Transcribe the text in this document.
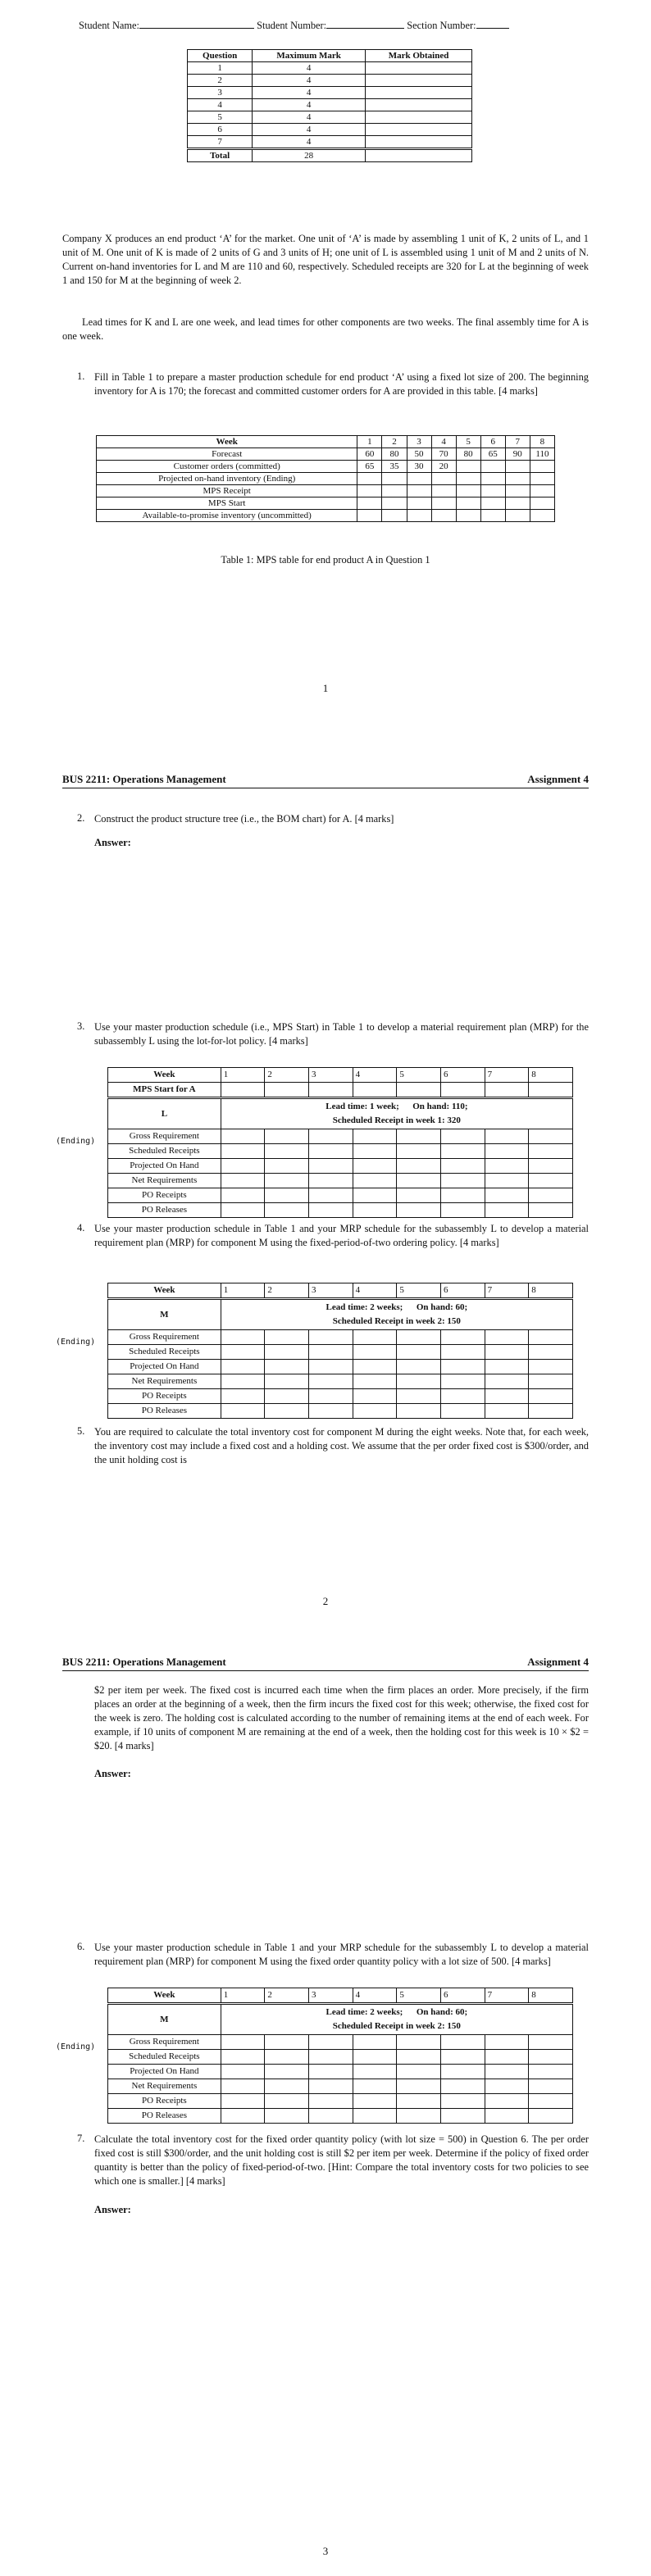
Student Name:	Student Number:	Section Number:
Question	Maximum Mark	Mark Obtained
1	4	
2	4	
3	4	
4	4	
5	4	
6	4	
7	4	
Total	28	
Company X produces an end product ‘A’ for the market. One unit of ‘A’ is made by assembling 1 unit of K, 2 units of L, and 1 unit of M. One unit of K is made of 2 units of G and 3 units of H; one unit of L is assembled using 1 unit of M and 2 units of N. Current on-hand inventories for L and M are 110 and 60, respectively. Scheduled receipts are 320 for L at the beginning of week 1 and 150 for M at the beginning of week 2.
Lead times for K and L are one week, and lead times for other components are two weeks. The final assembly time for A is one week.
1. Fill in Table 1 to prepare a master production schedule for end product ‘A’ using a fixed lot size of 200. The beginning inventory for A is 170; the forecast and committed customer orders for A are provided in this table. [4 marks]
Week	1	2	3	4	5	6	7	8
Forecast	60	80	50	70	80	65	90	110
Customer orders (committed)	65	35	30	20				
Projected on-hand inventory (Ending)								
MPS Receipt								
MPS Start								
Available-to-promise inventory (uncommitted)								
Table 1: MPS table for end product A in Question 1
1
BUS 2211: Operations Management	Assignment 4
2. Construct the product structure tree (i.e., the BOM chart) for A. [4 marks]
Answer:
3. Use your master production schedule (i.e., MPS Start) in Table 1 to develop a material requirement plan (MRP) for the subassembly L using the lot-for-lot policy. [4 marks]
Week	1	2	3	4	5	6	7	8
MPS Start for A								
L	Lead time: 1 week;      On hand: 110;
Scheduled Receipt in week 1: 320							

Gross Requirement								
Scheduled Receipts								
Projected On Hand								
Net Requirements								
PO Receipts								
PO Releases								
(Ending)
4. Use your master production schedule in Table 1 and your MRP schedule for the subassembly L to develop a material requirement plan (MRP) for component M using the fixed-period-of-two ordering policy. [4 marks]
Week	1	2	3	4	5	6	7	8
M	Lead time: 2 weeks;      On hand: 60;
Scheduled Receipt in week 2: 150							

Gross Requirement								
Scheduled Receipts								
Projected On Hand								
Net Requirements								
PO Receipts								
PO Releases								
(Ending)
5. You are required to calculate the total inventory cost for component M during the eight weeks. Note that, for each week, the inventory cost may include a fixed cost and a holding cost. We assume that the per order fixed cost is $300/order, and the unit holding cost is
2
BUS 2211: Operations Management	Assignment 4
$2 per item per week. The fixed cost is incurred each time when the firm places an order. More precisely, if the firm places an order at the beginning of a week, then the firm incurs the fixed cost for this week; otherwise, the fixed cost for the week is zero. The holding cost is calculated according to the number of remaining items at the end of each week. For example, if 10 units of component M are remaining at the end of a week, then the holding cost for this week is 10 × $2 = $20. [4 marks]
Answer:
6. Use your master production schedule in Table 1 and your MRP schedule for the subassembly L to develop a material requirement plan (MRP) for component M using the fixed order quantity policy with a lot size of 500. [4 marks]
Week	1	2	3	4	5	6	7	8
M	Lead time: 2 weeks;      On hand: 60;
Scheduled Receipt in week 2: 150							

Gross Requirement								
Scheduled Receipts								
Projected On Hand								
Net Requirements								
PO Receipts								
PO Releases								
(Ending)
7. Calculate the total inventory cost for the fixed order quantity policy (with lot size = 500) in Question 6. The per order fixed cost is still $300/order, and the unit holding cost is still $2 per item per week. Determine if the policy of fixed order quantity is better than the policy of fixed-period-of-two. [Hint: Compare the total inventory costs for two policies to see which one is smaller.] [4 marks]
Answer:
3
